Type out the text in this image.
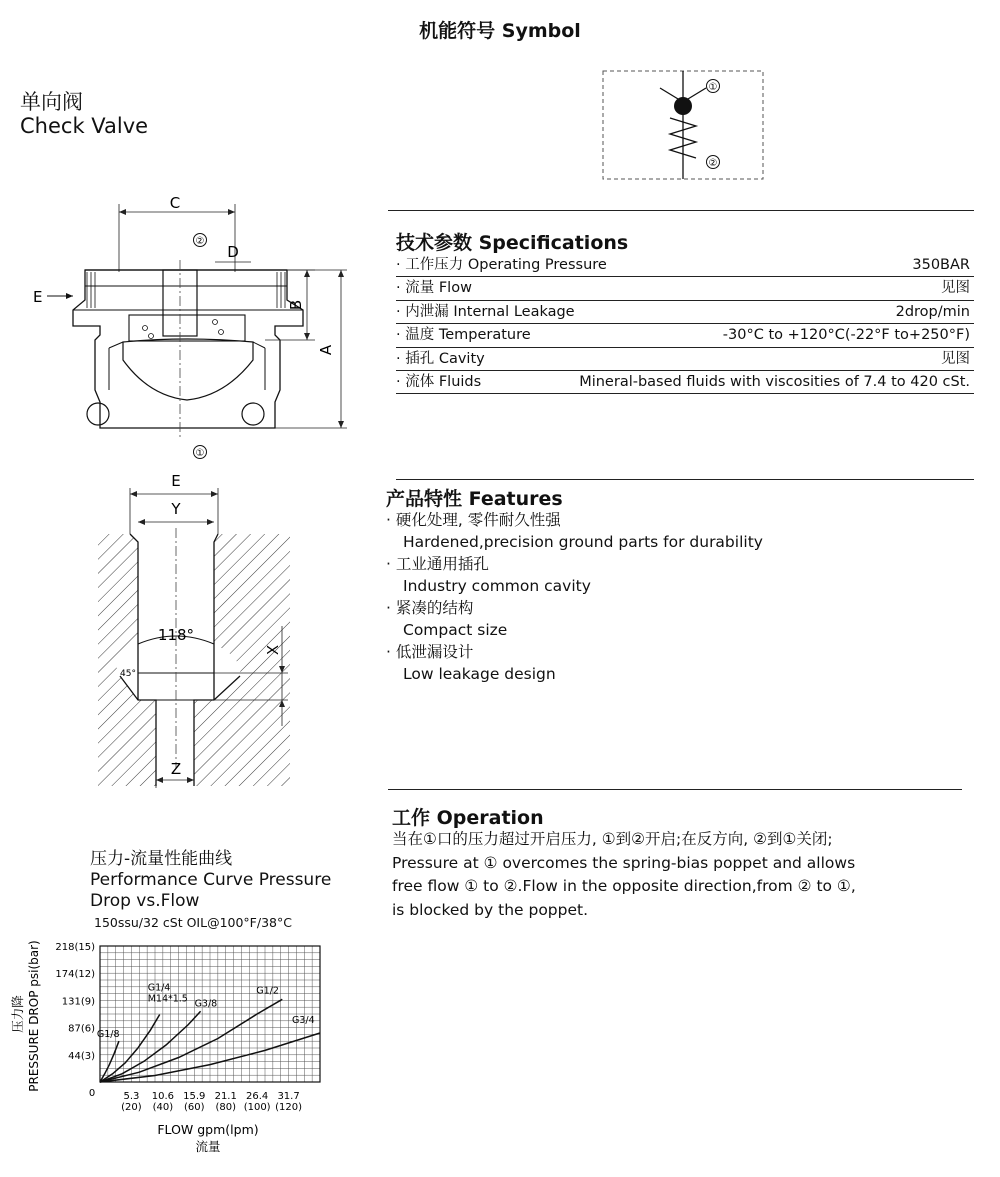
机能符号 Symbol
单向阀
Check Valve
①
②
C
②
D
E	B
A
①
E
Y
118°
45°
X
Z
技术参数 Specifications
· 工作压力 Operating Pressure	350BAR
· 流量 Flow	见图
· 内泄漏 Internal Leakage	2drop/min
· 温度 Temperature	-30°C to +120°C(-22°F to+250°F)
· 插孔 Cavity	见图
· 流体 Fluids	Mineral-based fluids with viscosities of 7.4 to 420 cSt.
产品特性 Features
· 硬化处理, 零件耐久性强
Hardened,precision ground parts for durability
· 工业通用插孔
Industry common cavity
· 紧凑的结构
Compact size
· 低泄漏设计
Low leakage design
工作 Operation
当在①口的压力超过开启压力, ①到②开启;在反方向, ②到①关闭;
Pressure at ① overcomes the spring-bias poppet and allows
free flow ① to ②.Flow in the opposite direction,from ② to ①,
is blocked by the poppet.
压力-流量性能曲线
Performance Curve Pressure
Drop vs.Flow
150ssu/32 cSt OIL@100°F/38°C
5.3
(20)
10.6
(40)
15.9
(60)
21.1
(80)
26.4
(100)
31.7
(120)
44(3)
87(6)
131(9)
174(12)
218(15)
G1/8
G1/4
M14*1.5 G3/8
G1/2
G3/4
0
FLOW gpm(lpm)
流量
压力降 PRESSURE DROP psi(bar)
